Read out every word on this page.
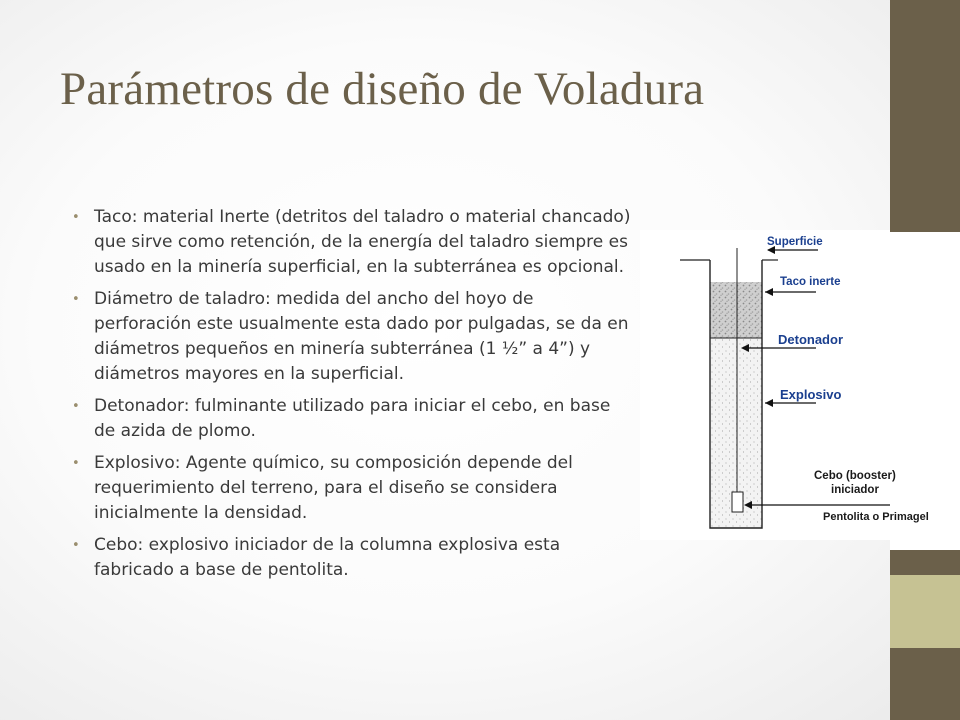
Parámetros de diseño de Voladura
• Taco: material Inerte (detritos del taladro o material chancado) que sirve como retención, de la energía del taladro siempre es usado en la minería superficial, en la subterránea es opcional.
• Diámetro de taladro: medida del ancho del hoyo de perforación este usualmente esta dado por pulgadas, se da en diámetros pequeños en minería subterránea (1 ½” a 4”) y diámetros mayores en la superficial.
• Detonador: fulminante utilizado para iniciar el cebo, en base de azida de plomo.
• Explosivo: Agente químico, su composición depende del requerimiento del terreno, para el diseño se considera inicialmente la densidad.
• Cebo: explosivo iniciador de la columna explosiva esta fabricado a base de pentolita.
Superficie
Taco inerte
Detonador
Explosivo
Cebo (booster)
iniciador
Pentolita o Primagel
